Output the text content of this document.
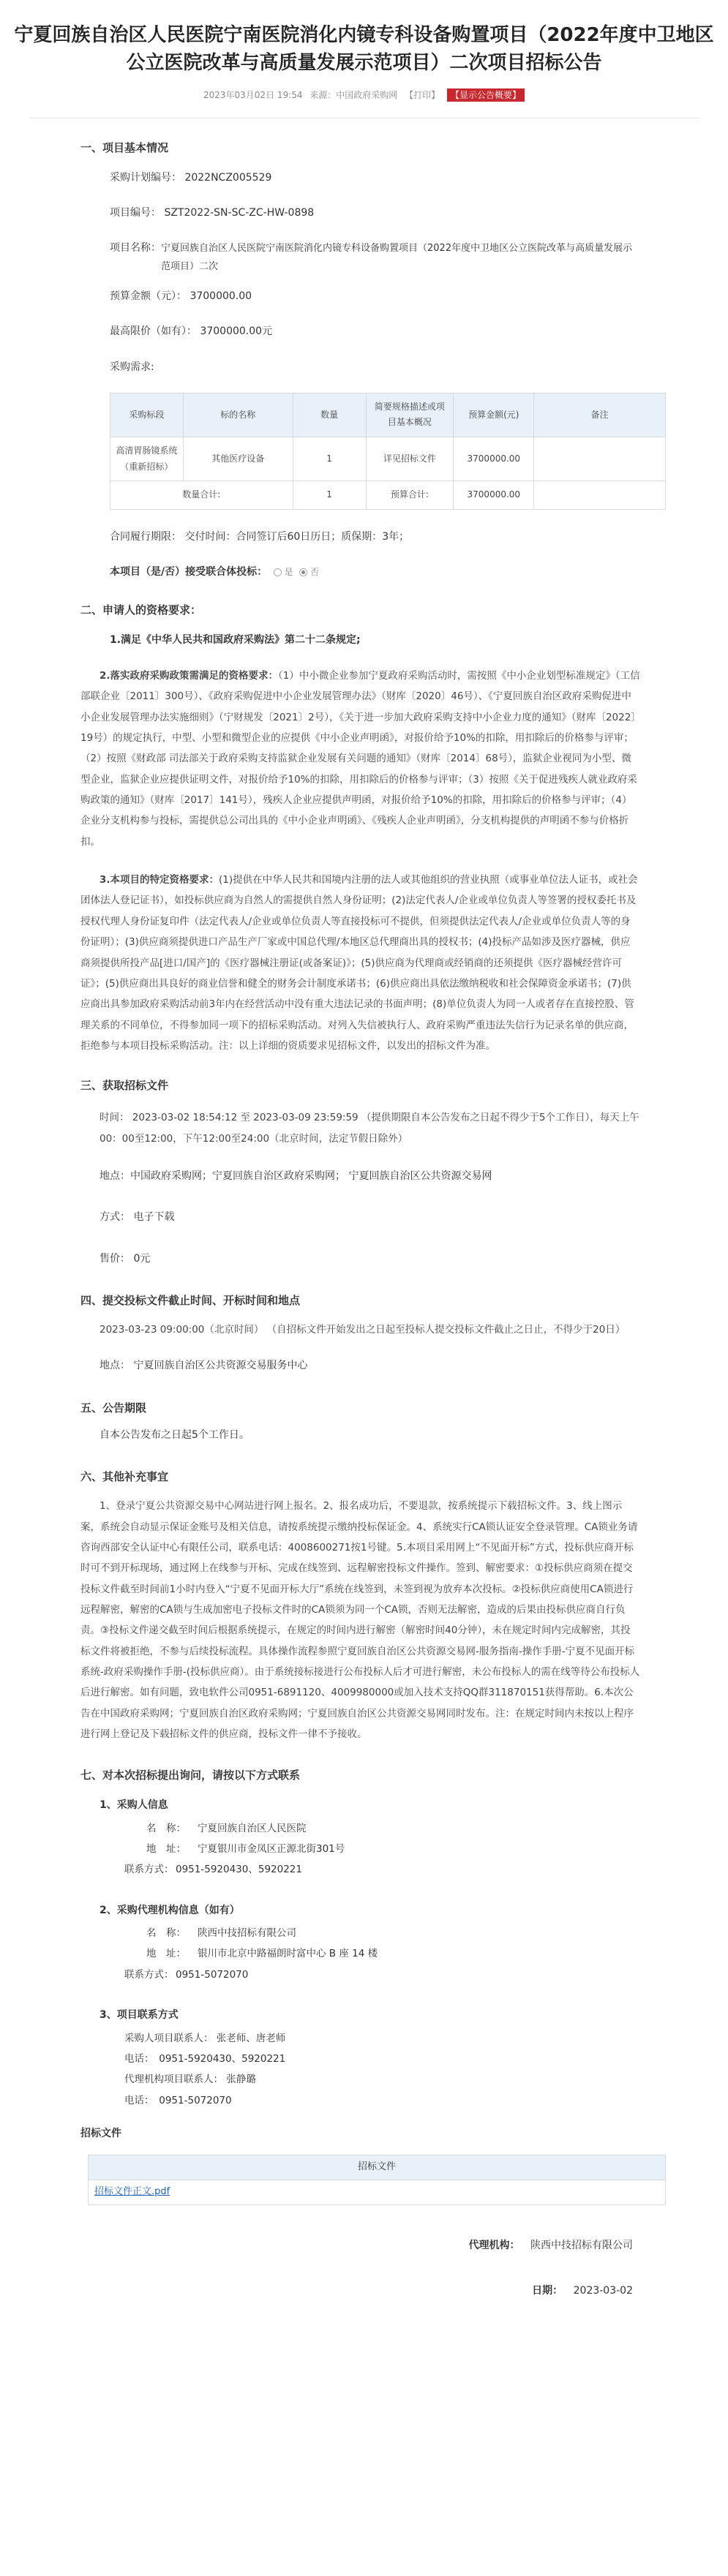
宁夏回族自治区人民医院宁南医院消化内镜专科设备购置项目（2022年度中卫地区公立医院改革与高质量发展示范项目）二次项目招标公告
2023年03月02日 19:54 来源：中国政府采购网 【打印】 【显示公告概要】
一、项目基本情况
采购计划编号： 2022NCZ005529
项目编号： SZT2022-SN-SC-ZC-HW-0898
项目名称： 宁夏回族自治区人民医院宁南医院消化内镜专科设备购置项目（2022年度中卫地区公立医院改革与高质量发展示范项目）二次
预算金额（元）： 3700000.00
最高限价（如有）： 3700000.00元
采购需求:
采购标段	标的名称	数量	简要规格描述或项目基本概况	预算金额(元)	备注
高清胃肠镜系统（重新招标）	其他医疗设备	1	详见招标文件	3700000.00	
数量合计:		1	预算合计:	3700000.00	
合同履行期限： 交付时间：合同签订后60日历日；质保期：3年；
本项目（是/否）接受联合体投标： 是 否
二、申请人的资格要求：
1.满足《中华人民共和国政府采购法》第二十二条规定;
2.落实政府采购政策需满足的资格要求：（1）中小微企业参加宁夏政府采购活动时，需按照《中小企业划型标准规定》（工信部联企业〔2011〕300号）、《政府采购促进中小企业发展管理办法》（财库〔2020〕46号）、《宁夏回族自治区政府采购促进中小企业发展管理办法实施细则》（宁财规发〔2021〕2号），《关于进一步加大政府采购支持中小企业力度的通知》（财库〔2022〕19号）的规定执行，中型、小型和微型企业的应提供《中小企业声明函》，对报价给予10%的扣除，用扣除后的价格参与评审；（2）按照《财政部 司法部关于政府采购支持监狱企业发展有关问题的通知》（财库〔2014〕68号），监狱企业视同为小型、微型企业，监狱企业应提供证明文件，对报价给予10%的扣除，用扣除后的价格参与评审；（3）按照《关于促进残疾人就业政府采购政策的通知》（财库〔2017〕141号），残疾人企业应提供声明函，对报价给予10%的扣除，用扣除后的价格参与评审；（4）企业分支机构参与投标，需提供总公司出具的《中小企业声明函》、《残疾人企业声明函》，分支机构提供的声明函不参与价格折扣。
3.本项目的特定资格要求：(1)提供在中华人民共和国境内注册的法人或其他组织的营业执照（或事业单位法人证书，或社会团体法人登记证书），如投标供应商为自然人的需提供自然人身份证明；(2)法定代表人/企业或单位负责人等签署的授权委托书及授权代理人身份证复印件（法定代表人/企业或单位负责人等直接投标可不提供，但须提供法定代表人/企业或单位负责人等的身份证明）；(3)供应商须提供进口产品生产厂家或中国总代理/本地区总代理商出具的授权书；(4)投标产品如涉及医疗器械，供应商须提供所投产品[进口/国产]的《医疗器械注册证(或备案证)》；(5)供应商为代理商或经销商的还须提供《医疗器械经营许可证》；(5)供应商出具良好的商业信誉和健全的财务会计制度承诺书；(6)供应商出具依法缴纳税收和社会保障资金承诺书；(7)供应商出具参加政府采购活动前3年内在经营活动中没有重大违法记录的书面声明；(8)单位负责人为同一人或者存在直接控股、管理关系的不同单位，不得参加同一项下的招标采购活动。对列入失信被执行人、政府采购严重违法失信行为记录名单的供应商，拒绝参与本项目投标采购活动。注：以上详细的资质要求见招标文件，以发出的招标文件为准。
三、获取招标文件
时间： 2023-03-02 18:54:12 至 2023-03-09 23:59:59 （提供期限自本公告发布之日起不得少于5个工作日），每天上午00：00至12:00，下午12:00至24:00（北京时间，法定节假日除外）
地点：中国政府采购网；宁夏回族自治区政府采购网； 宁夏回族自治区公共资源交易网
方式： 电子下载
售价： 0元
四、提交投标文件截止时间、开标时间和地点
2023-03-23 09:00:00（北京时间） （自招标文件开始发出之日起至投标人提交投标文件截止之日止，不得少于20日）
地点： 宁夏回族自治区公共资源交易服务中心
五、公告期限
自本公告发布之日起5个工作日。
六、其他补充事宜
1、登录宁夏公共资源交易中心网站进行网上报名。2、报名成功后，不要退款，按系统提示下载招标文件。3、线上图示案，系统会自动显示保证金账号及相关信息，请按系统提示缴纳投标保证金。4、系统实行CA锁认证安全登录管理。CA锁业务请咨询西部安全认证中心有限任公司，联系电话：4008600271按1号键。5.本项目采用网上“不见面开标”方式，投标供应商开标时可不到开标现场，通过网上在线参与开标、完成在线签到、远程解密投标文件操作。签到、解密要求：①投标供应商须在提交投标文件截至时间前1小时内登入“宁夏不见面开标大厅”系统在线签到，未签到视为放弃本次投标。②投标供应商使用CA锁进行远程解密，解密的CA锁与生成加密电子投标文件时的CA锁须为同一个CA锁，否则无法解密，造成的后果由投标供应商自行负责。③投标文件递交截至时间后根据系统提示，在规定的时间内进行解密（解密时间40分钟），未在规定时间内完成解密，其投标文件将被拒绝，不参与后续投标流程。具体操作流程参照宁夏回族自治区公共资源交易网-服务指南-操作手册-宁夏不见面开标系统-政府采购操作手册-(投标供应商）。由于系统接标接进行公布投标人后才可进行解密，未公布投标人的需在线等待公布投标人后进行解密。如有问题，致电软件公司0951-6891120、4009980000或加入技术支持QQ群311870151获得帮助。6.本次公告在中国政府采购网；宁夏回族自治区政府采购网；宁夏回族自治区公共资源交易网同时发布。注：在规定时间内未按以上程序进行网上登记及下载招标文件的供应商，投标文件一律不予接收。
七、对本次招标提出询问，请按以下方式联系
1、采购人信息
名　称： 宁夏回族自治区人民医院
地　址： 宁夏银川市金凤区正源北街301号
联系方式： 0951-5920430、5920221
2、采购代理机构信息（如有）
名　称： 陕西中技招标有限公司
地　址： 银川市北京中路福朗时富中心 B 座 14 楼
联系方式： 0951-5072070
3、项目联系方式
采购人项目联系人： 张老师、唐老师
电话：　0951-5920430、5920221
代理机构项目联系人： 张静璐
电话：　0951-5072070
招标文件
招标文件
招标文件正文.pdf
代理机构： 陕西中技招标有限公司
日期： 2023-03-02
